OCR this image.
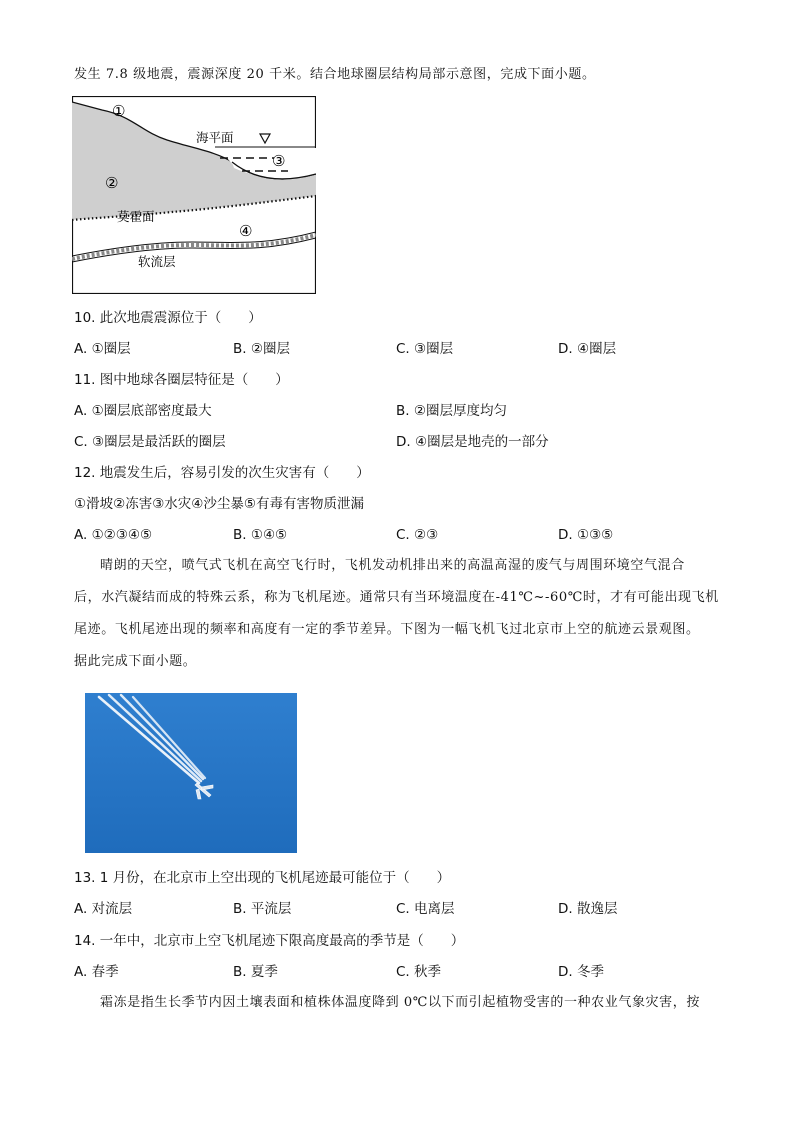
发生 7.8 级地震，震源深度 20 千米。结合地球圈层结构局部示意图，完成下面小题。
①
②
③
④
海平面
莫霍面
软流层
10. 此次地震震源位于（　　）
A. ①圈层	B. ②圈层	C. ③圈层	D. ④圈层
11. 图中地球各圈层特征是（　　）
A. ①圈层底部密度最大	B. ②圈层厚度均匀
C. ③圈层是最活跃的圈层	D. ④圈层是地壳的一部分
12. 地震发生后，容易引发的次生灾害有（　　）
①滑坡②冻害③水灾④沙尘暴⑤有毒有害物质泄漏
A. ①②③④⑤	B. ①④⑤	C. ②③	D. ①③⑤
晴朗的天空，喷气式飞机在高空飞行时，飞机发动机排出来的高温高湿的废气与周围环境空气混合
后，水汽凝结而成的特殊云系，称为飞机尾迹。通常只有当环境温度在-41℃~-60℃时，才有可能出现飞机
尾迹。飞机尾迹出现的频率和高度有一定的季节差异。下图为一幅飞机飞过北京市上空的航迹云景观图。
据此完成下面小题。
13. 1 月份，在北京市上空出现的飞机尾迹最可能位于（　　）
A. 对流层	B. 平流层	C. 电离层	D. 散逸层
14. 一年中，北京市上空飞机尾迹下限高度最高的季节是（　　）
A. 春季	B. 夏季	C. 秋季	D. 冬季
霜冻是指生长季节内因土壤表面和植株体温度降到 0℃以下而引起植物受害的一种农业气象灾害，按
